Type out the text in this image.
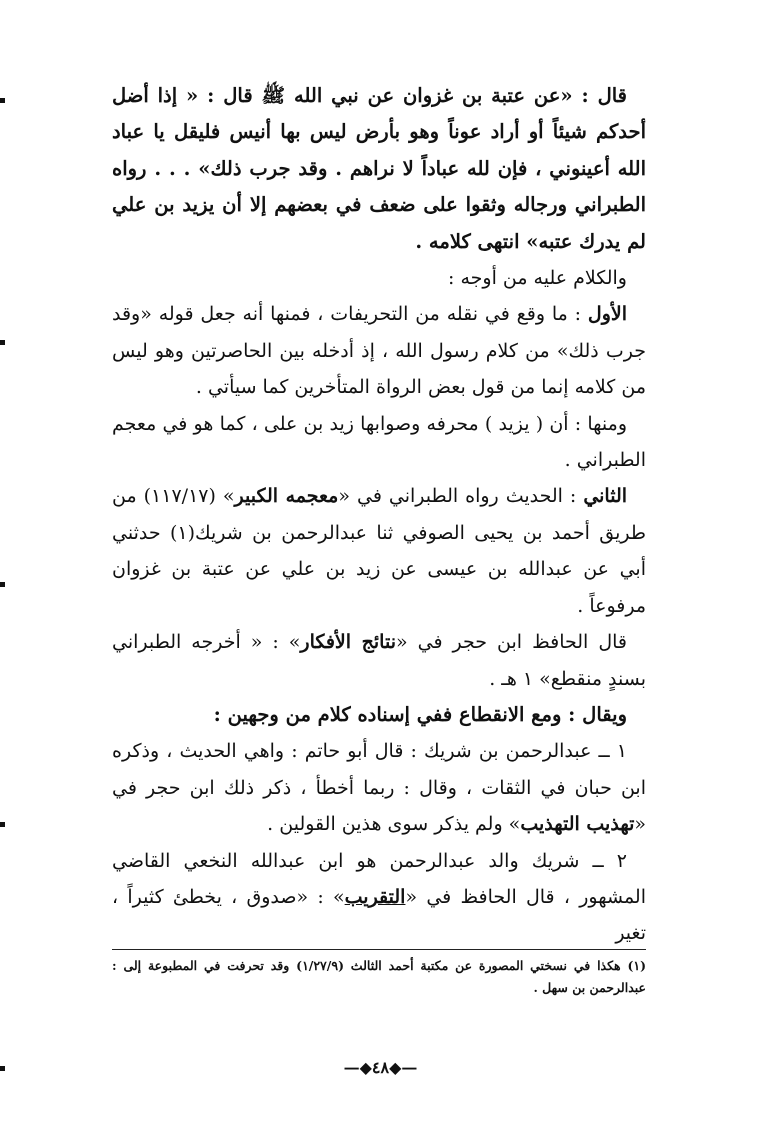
قال : «عن عتبة بن غزوان عن نبي الله ﷺ قال : « إذا أضل أحدكم شيئاً أو أراد عوناً وهو بأرض ليس بها أنيس فليقل يا عباد الله أعينوني ، فإن لله عباداً لا نراهم . وقد جرب ذلك» . . . رواه الطبراني ورجاله وثقوا على ضعف في بعضهم إلا أن يزيد بن علي لم يدرك عتبه» انتهى كلامه .

والكلام عليه من أوجه :

الأول : ما وقع في نقله من التحريفات ، فمنها أنه جعل قوله «وقد جرب ذلك» من كلام رسول الله ، إذ أدخله بين الحاصرتين وهو ليس من كلامه إنما من قول بعض الرواة المتأخرين كما سيأتي .

ومنها : أن ( يزيد ) محرفه وصوابها زيد بن على ، كما هو في معجم الطبراني .

الثاني : الحديث رواه الطبراني في «معجمه الكبير» (١١٧/١٧) من طريق أحمد بن يحيى الصوفي ثنا عبدالرحمن بن شريك(١) حدثني أبي عن عبدالله بن عيسى عن زيد بن علي عن عتبة بن غزوان مرفوعاً .

قال الحافظ ابن حجر في «نتائج الأفكار» : « أخرجه الطبراني بسندٍ منقطع» ١ هـ .

ويقال : ومع الانقطاع ففي إسناده كلام من وجهين :

١ ــ عبدالرحمن بن شريك : قال أبو حاتم : واهي الحديث ، وذكره ابن حبان في الثقات ، وقال : ربما أخطأ ، ذكر ذلك ابن حجر في «تهذيب التهذيب» ولم يذكر سوى هذين القولين .

٢ ــ شريك والد عبدالرحمن هو ابن عبدالله النخعي القاضي المشهور ، قال الحافظ في «التقريب» : «صدوق ، يخطئ كثيراً ، تغير

(١) هكذا في نسختي المصورة عن مكتبة أحمد الثالث (١/٢٧/٩) وقد تحرفت في المطبوعة إلى : عبدالرحمن بن سهل .
—◆٤٨◆—
